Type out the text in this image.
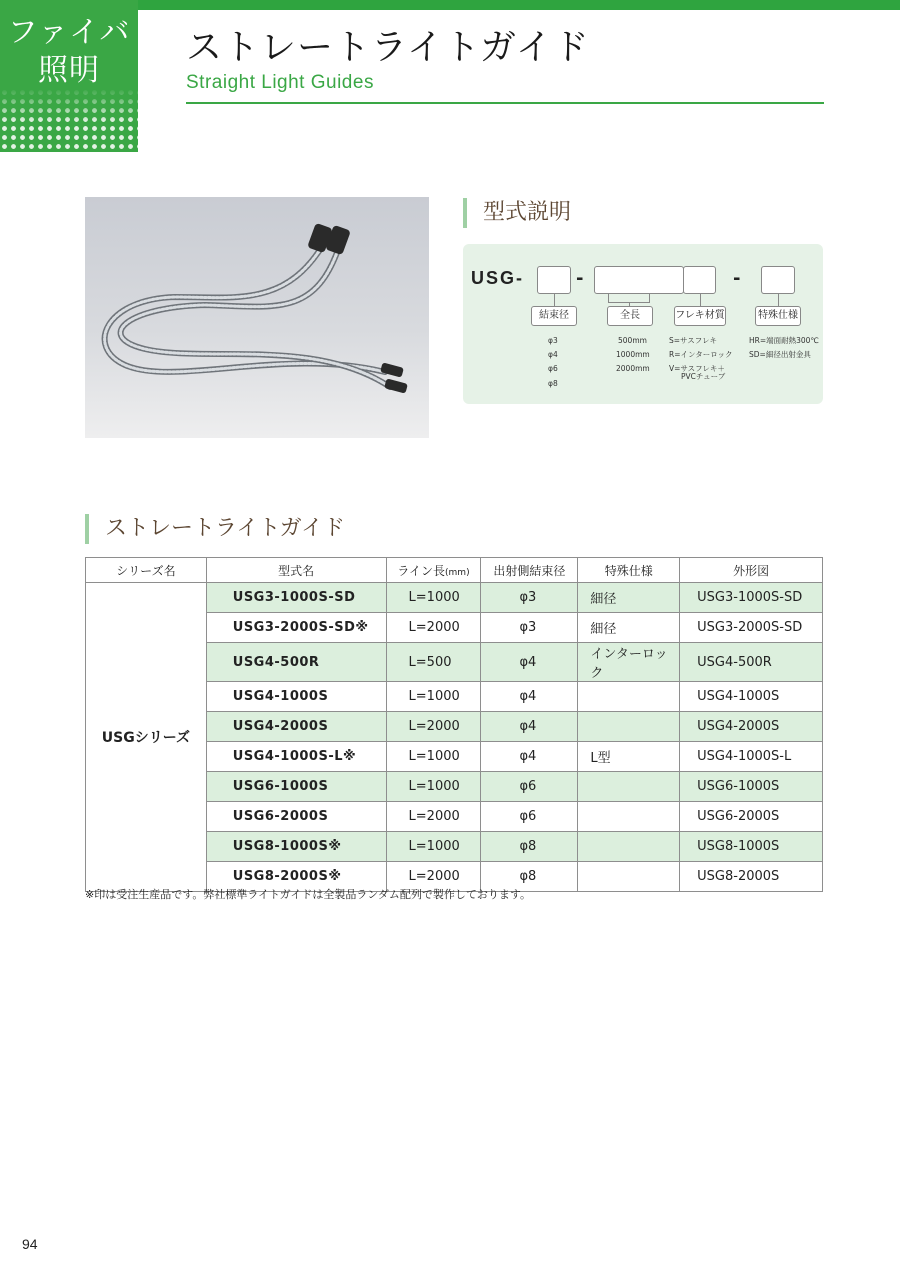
ファイバ
照明
ストレートライトガイド
Straight Light Guides
型式説明
USG-	-	-
結束径	全長	フレキ材質	特殊仕様
φ3
φ4
φ6
φ8
500mm
1000mm
2000mm
S=サスフレキ
R=インターロック
V=サスフレキ＋
PVCチューブ
HR=端面耐熱300℃
SD=細径出射金具
ストレートライトガイド
シリーズ名	型式名	ライン長(mm)	出射側結束径	特殊仕様	外形図
USGシリーズ	USG3-1000S-SD	L=1000	φ3	細径	USG3-1000S-SD
	USG3-2000S-SD※	L=2000	φ3	細径	USG3-2000S-SD
	USG4-500R	L=500	φ4	インターロック	USG4-500R
	USG4-1000S	L=1000	φ4		USG4-1000S
	USG4-2000S	L=2000	φ4		USG4-2000S
	USG4-1000S-L※	L=1000	φ4	L型	USG4-1000S-L
	USG6-1000S	L=1000	φ6		USG6-1000S
	USG6-2000S	L=2000	φ6		USG6-2000S
	USG8-1000S※	L=1000	φ8		USG8-1000S
	USG8-2000S※	L=2000	φ8		USG8-2000S
※印は受注生産品です。弊社標準ライトガイドは全製品ランダム配列で製作しております。
94
